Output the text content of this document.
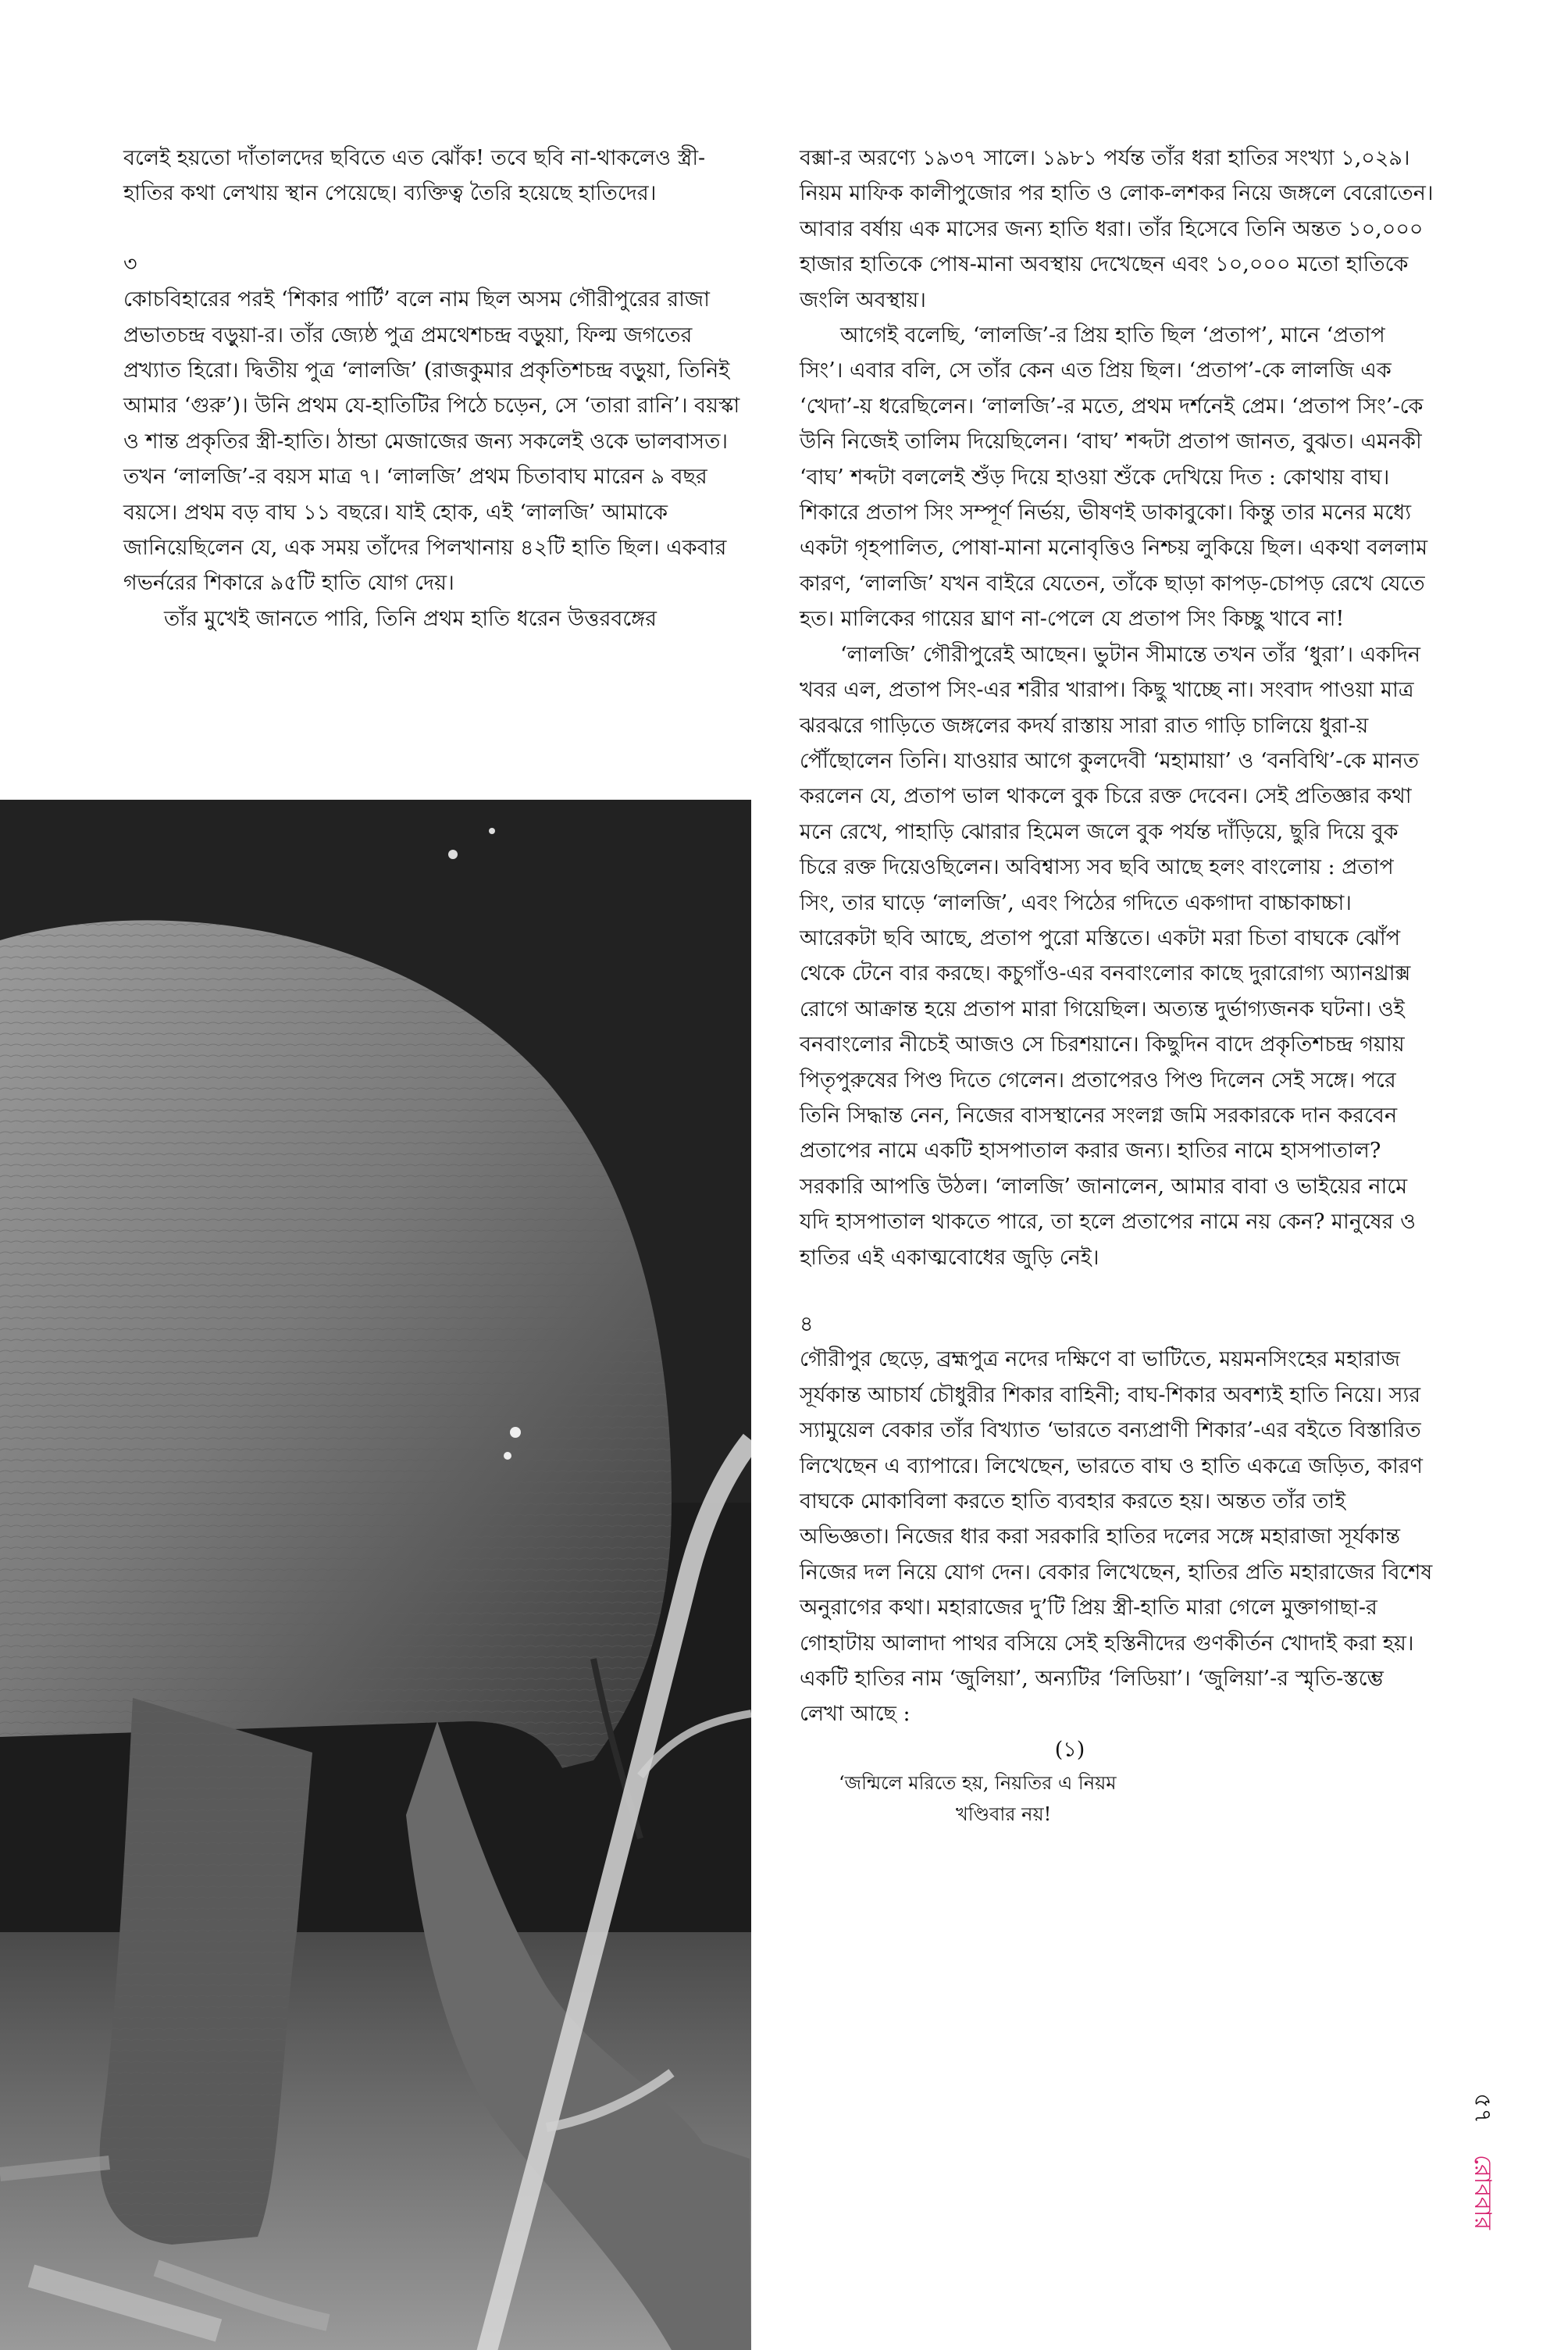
বলেই হয়তো দাঁতালদের ছবিতে এত ঝোঁক! তবে ছবি না-থাকলেও স্ত্রী-হাতির কথা লেখায় স্থান পেয়েছে। ব্যক্তিত্ব তৈরি হয়েছে হাতিদের।

৩

কোচবিহারের পরই ‘শিকার পার্টি’ বলে নাম ছিল অসম গৌরীপুরের রাজা প্রভাতচন্দ্র বড়ুয়া-র। তাঁর জ্যেষ্ঠ পুত্র প্রমথেশচন্দ্র বড়ুয়া, ফিল্ম জগতের প্রখ্যাত হিরো। দ্বিতীয় পুত্র ‘লালজি’ (রাজকুমার প্রকৃতিশচন্দ্র বড়ুয়া, তিনিই আমার ‘গুরু’)। উনি প্রথম যে-হাতিটির পিঠে চড়েন, সে ‘তারা রানি’। বয়স্কা ও শান্ত প্রকৃতির স্ত্রী-হাতি। ঠান্ডা মেজাজের জন্য সকলেই ওকে ভালবাসত। তখন ‘লালজি’-র বয়স মাত্র ৭। ‘লালজি’ প্রথম চিতাবাঘ মারেন ৯ বছর বয়সে। প্রথম বড় বাঘ ১১ বছরে। যাই হোক, এই ‘লালজি’ আমাকে জানিয়েছিলেন যে, এক সময় তাঁদের পিলখানায় ৪২টি হাতি ছিল। একবার গভর্নরের শিকারে ৯৫টি হাতি যোগ দেয়।

তাঁর মুখেই জানতে পারি, তিনি প্রথম হাতি ধরেন উত্তরবঙ্গের

বক্সা-র অরণ্যে ১৯৩৭ সালে। ১৯৮১ পর্যন্ত তাঁর ধরা হাতির সংখ্যা ১,০২৯। নিয়ম মাফিক কালীপুজোর পর হাতি ও লোক-লশকর নিয়ে জঙ্গলে বেরোতেন। আবার বর্ষায় এক মাসের জন্য হাতি ধরা। তাঁর হিসেবে তিনি অন্তত ১০,০০০ হাজার হাতিকে পোষ-মানা অবস্থায় দেখেছেন এবং ১০,০০০ মতো হাতিকে জংলি অবস্থায়।

আগেই বলেছি, ‘লালজি’-র প্রিয় হাতি ছিল ‘প্রতাপ’, মানে ‘প্রতাপ সিং’। এবার বলি, সে তাঁর কেন এত প্রিয় ছিল। ‘প্রতাপ’-কে লালজি এক ‘খেদা’-য় ধরেছিলেন। ‘লালজি’-র মতে, প্রথম দর্শনেই প্রেম। ‘প্রতাপ সিং’-কে উনি নিজেই তালিম দিয়েছিলেন। ‘বাঘ’ শব্দটা প্রতাপ জানত, বুঝত। এমনকী ‘বাঘ’ শব্দটা বললেই শুঁড় দিয়ে হাওয়া শুঁকে দেখিয়ে দিত : কোথায় বাঘ। শিকারে প্রতাপ সিং সম্পূর্ণ নির্ভয়, ভীষণই ডাকাবুকো। কিন্তু তার মনের মধ্যে একটা গৃহপালিত, পোষা-মানা মনোবৃত্তিও নিশ্চয় লুকিয়ে ছিল। একথা বললাম কারণ, ‘লালজি’ যখন বাইরে যেতেন, তাঁকে ছাড়া কাপড়-চোপড় রেখে যেতে হত। মালিকের গায়ের ঘ্রাণ না-পেলে যে প্রতাপ সিং কিচ্ছু খাবে না!

‘লালজি’ গৌরীপুরেই আছেন। ভুটান সীমান্তে তখন তাঁর ‘ধুরা’। একদিন খবর এল, প্রতাপ সিং-এর শরীর খারাপ। কিছু খাচ্ছে না। সংবাদ পাওয়া মাত্র ঝরঝরে গাড়িতে জঙ্গলের কদর্য রাস্তায় সারা রাত গাড়ি চালিয়ে ধুরা-য় পৌঁছোলেন তিনি। যাওয়ার আগে কুলদেবী ‘মহামায়া’ ও ‘বনবিথি’-কে মানত করলেন যে, প্রতাপ ভাল থাকলে বুক চিরে রক্ত দেবেন। সেই প্রতিজ্ঞার কথা মনে রেখে, পাহাড়ি ঝোরার হিমেল জলে বুক পর্যন্ত দাঁড়িয়ে, ছুরি দিয়ে বুক চিরে রক্ত দিয়েওছিলেন। অবিশ্বাস্য সব ছবি আছে হলং বাংলোয় : প্রতাপ সিং, তার ঘাড়ে ‘লালজি’, এবং পিঠের গদিতে একগাদা বাচ্চাকাচ্চা। আরেকটা ছবি আছে, প্রতাপ পুরো মস্তিতে। একটা মরা চিতা বাঘকে ঝোঁপ থেকে টেনে বার করছে। কচুগাঁও-এর বনবাংলোর কাছে দুরারোগ্য অ্যানথ্রাক্স রোগে আক্রান্ত হয়ে প্রতাপ মারা গিয়েছিল। অত্যন্ত দুর্ভাগ্যজনক ঘটনা। ওই বনবাংলোর নীচেই আজও সে চিরশয়ানে। কিছুদিন বাদে প্রকৃতিশচন্দ্র গয়ায় পিতৃপুরুষের পিণ্ড দিতে গেলেন। প্রতাপেরও পিণ্ড দিলেন সেই সঙ্গে। পরে তিনি সিদ্ধান্ত নেন, নিজের বাসস্থানের সংলগ্ন জমি সরকারকে দান করবেন প্রতাপের নামে একটি হাসপাতাল করার জন্য। হাতির নামে হাসপাতাল? সরকারি আপত্তি উঠল। ‘লালজি’ জানালেন, আমার বাবা ও ভাইয়ের নামে যদি হাসপাতাল থাকতে পারে, তা হলে প্রতাপের নামে নয় কেন? মানুষের ও হাতির এই একাত্মবোধের জুড়ি নেই।

৪

গৌরীপুর ছেড়ে, ব্রহ্মপুত্র নদের দক্ষিণে বা ভাটিতে, ময়মনসিংহের মহারাজ সূর্যকান্ত আচার্য চৌধুরীর শিকার বাহিনী; বাঘ-শিকার অবশ্যই হাতি নিয়ে। স্যর স্যামুয়েল বেকার তাঁর বিখ্যাত ‘ভারতে বন্যপ্রাণী শিকার’-এর বইতে বিস্তারিত লিখেছেন এ ব্যাপারে। লিখেছেন, ভারতে বাঘ ও হাতি একত্রে জড়িত, কারণ বাঘকে মোকাবিলা করতে হাতি ব্যবহার করতে হয়। অন্তত তাঁর তাই অভিজ্ঞতা। নিজের ধার করা সরকারি হাতির দলের সঙ্গে মহারাজা সূর্যকান্ত নিজের দল নিয়ে যোগ দেন। বেকার লিখেছেন, হাতির প্রতি মহারাজের বিশেষ অনুরাগের কথা। মহারাজের দু’টি প্রিয় স্ত্রী-হাতি মারা গেলে মুক্তাগাছা-র গোহাটায় আলাদা পাথর বসিয়ে সেই হস্তিনীদের গুণকীর্তন খোদাই করা হয়। একটি হাতির নাম ‘জুলিয়া’, অন্যটির ‘লিডিয়া’। ‘জুলিয়া’-র স্মৃতি-স্তম্ভে লেখা আছে :

(১)

‘জন্মিলে মরিতে হয়, নিয়তির এ নিয়ম
খণ্ডিবার নয়!

৫৭
রোববার
